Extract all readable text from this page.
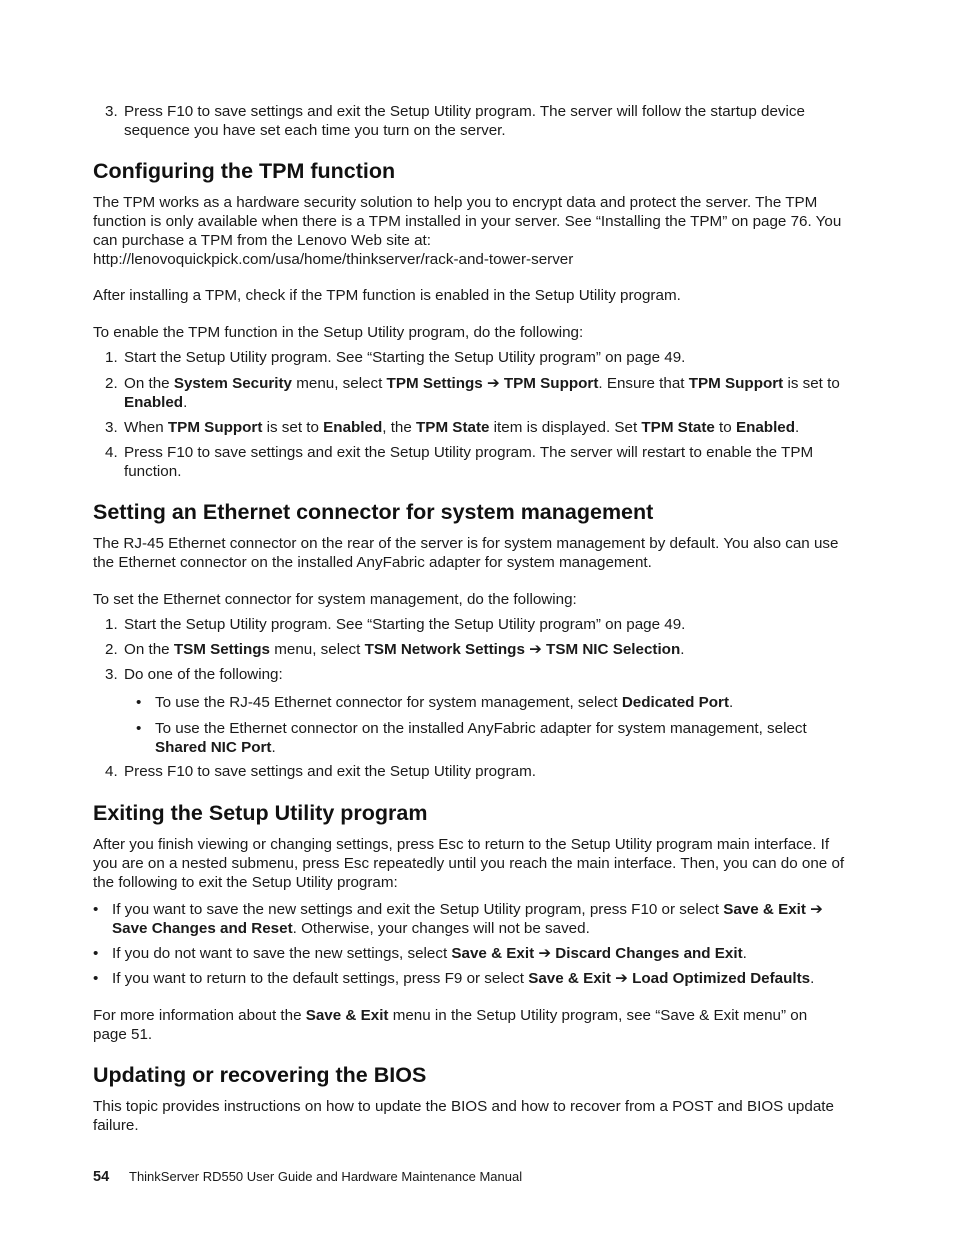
3. Press F10 to save settings and exit the Setup Utility program. The server will follow the startup device sequence you have set each time you turn on the server.
Configuring the TPM function

The TPM works as a hardware security solution to help you to encrypt data and protect the server. The TPM function is only available when there is a TPM installed in your server. See “Installing the TPM” on page 76. You can purchase a TPM from the Lenovo Web site at:
http://lenovoquickpick.com/usa/home/thinkserver/rack-and-tower-server

After installing a TPM, check if the TPM function is enabled in the Setup Utility program.

To enable the TPM function in the Setup Utility program, do the following:

1. Start the Setup Utility program. See “Starting the Setup Utility program” on page 49.
2. On the System Security menu, select TPM Settings ➔ TPM Support. Ensure that TPM Support is set to Enabled.
3. When TPM Support is set to Enabled, the TPM State item is displayed. Set TPM State to Enabled.
4. Press F10 to save settings and exit the Setup Utility program. The server will restart to enable the TPM function.
Setting an Ethernet connector for system management

The RJ-45 Ethernet connector on the rear of the server is for system management by default. You also can use the Ethernet connector on the installed AnyFabric adapter for system management.

To set the Ethernet connector for system management, do the following:

1. Start the Setup Utility program. See “Starting the Setup Utility program” on page 49.
2. On the TSM Settings menu, select TSM Network Settings ➔ TSM NIC Selection.
3. Do one of the following:
• To use the RJ-45 Ethernet connector for system management, select Dedicated Port.
• To use the Ethernet connector on the installed AnyFabric adapter for system management, select Shared NIC Port.
4. Press F10 to save settings and exit the Setup Utility program.
Exiting the Setup Utility program

After you finish viewing or changing settings, press Esc to return to the Setup Utility program main interface. If you are on a nested submenu, press Esc repeatedly until you reach the main interface. Then, you can do one of the following to exit the Setup Utility program:

• If you want to save the new settings and exit the Setup Utility program, press F10 or select Save & Exit ➔ Save Changes and Reset. Otherwise, your changes will not be saved.
• If you do not want to save the new settings, select Save & Exit ➔ Discard Changes and Exit.
• If you want to return to the default settings, press F9 or select Save & Exit ➔ Load Optimized Defaults.

For more information about the Save & Exit menu in the Setup Utility program, see “Save & Exit menu” on page 51.

Updating or recovering the BIOS

This topic provides instructions on how to update the BIOS and how to recover from a POST and BIOS update failure.

54	ThinkServer RD550 User Guide and Hardware Maintenance Manual
